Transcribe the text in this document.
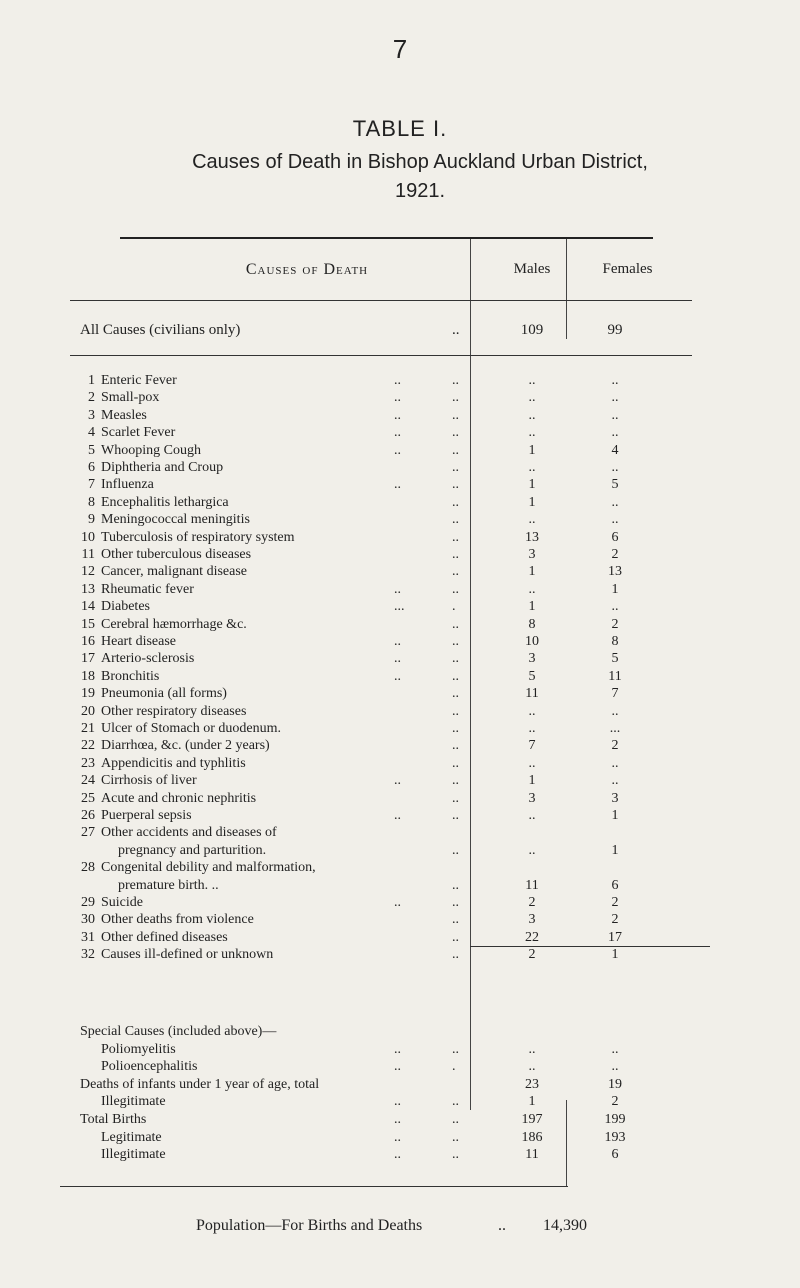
7
TABLE I.
Causes of Death in Bishop Auckland Urban District,
1921.
Causes of Death	Males	Females
All Causes (civilians only)	..	109	99
1 Enteric Fever	..	..	..	..
2 Small-pox	..	..	..	..
3 Measles	..	..	..	..
4 Scarlet Fever	..	..	..	..
5 Whooping Cough	..	..	1	4
6 Diphtheria and Croup	..	..	..
7 Influenza	..	..	1	5
8 Encephalitis lethargica	..	1	..
9 Meningococcal meningitis	..	..	..
10 Tuberculosis of respiratory system	..	13	6
11 Other tuberculous diseases	..	3	2
12 Cancer, malignant disease	..	1	13
13 Rheumatic fever	..	..	..	1
14 Diabetes	...	.	1	..
15 Cerebral hæmorrhage &c.	..	8	2
16 Heart disease	..	..	10	8
17 Arterio-sclerosis	..	..	3	5
18 Bronchitis	..	..	5	11
19 Pneumonia (all forms)	..	11	7
20 Other respiratory diseases	..	..	..
21 Ulcer of Stomach or duodenum.	..	..	...
22 Diarrhœa, &c. (under 2 years)	..	7	2
23 Appendicitis and typhlitis	..	..	..
24 Cirrhosis of liver	..	..	1	..
25 Acute and chronic nephritis	..	3	3
26 Puerperal sepsis	..	..	..	1
27 Other accidents and diseases of
pregnancy and parturition.	..	..	1
28 Congenital debility and malformation,
premature birth. ..	..	11	6
29 Suicide	..	..	2	2
30 Other deaths from violence	..	3	2
31 Other defined diseases	..	22	17
32 Causes ill-defined or unknown	..	2	1
Special Causes (included above)—
Poliomyelitis	..	..	..	..
Polioencephalitis	..	.	..	..
Deaths of infants under 1 year of age, total	23	19
Illegitimate	..	..	1	2
Total Births	..	..	197	199
Legitimate	..	..	186	193
Illegitimate	..	..	11	6
Population—For Births and Deaths	.. 14,390
